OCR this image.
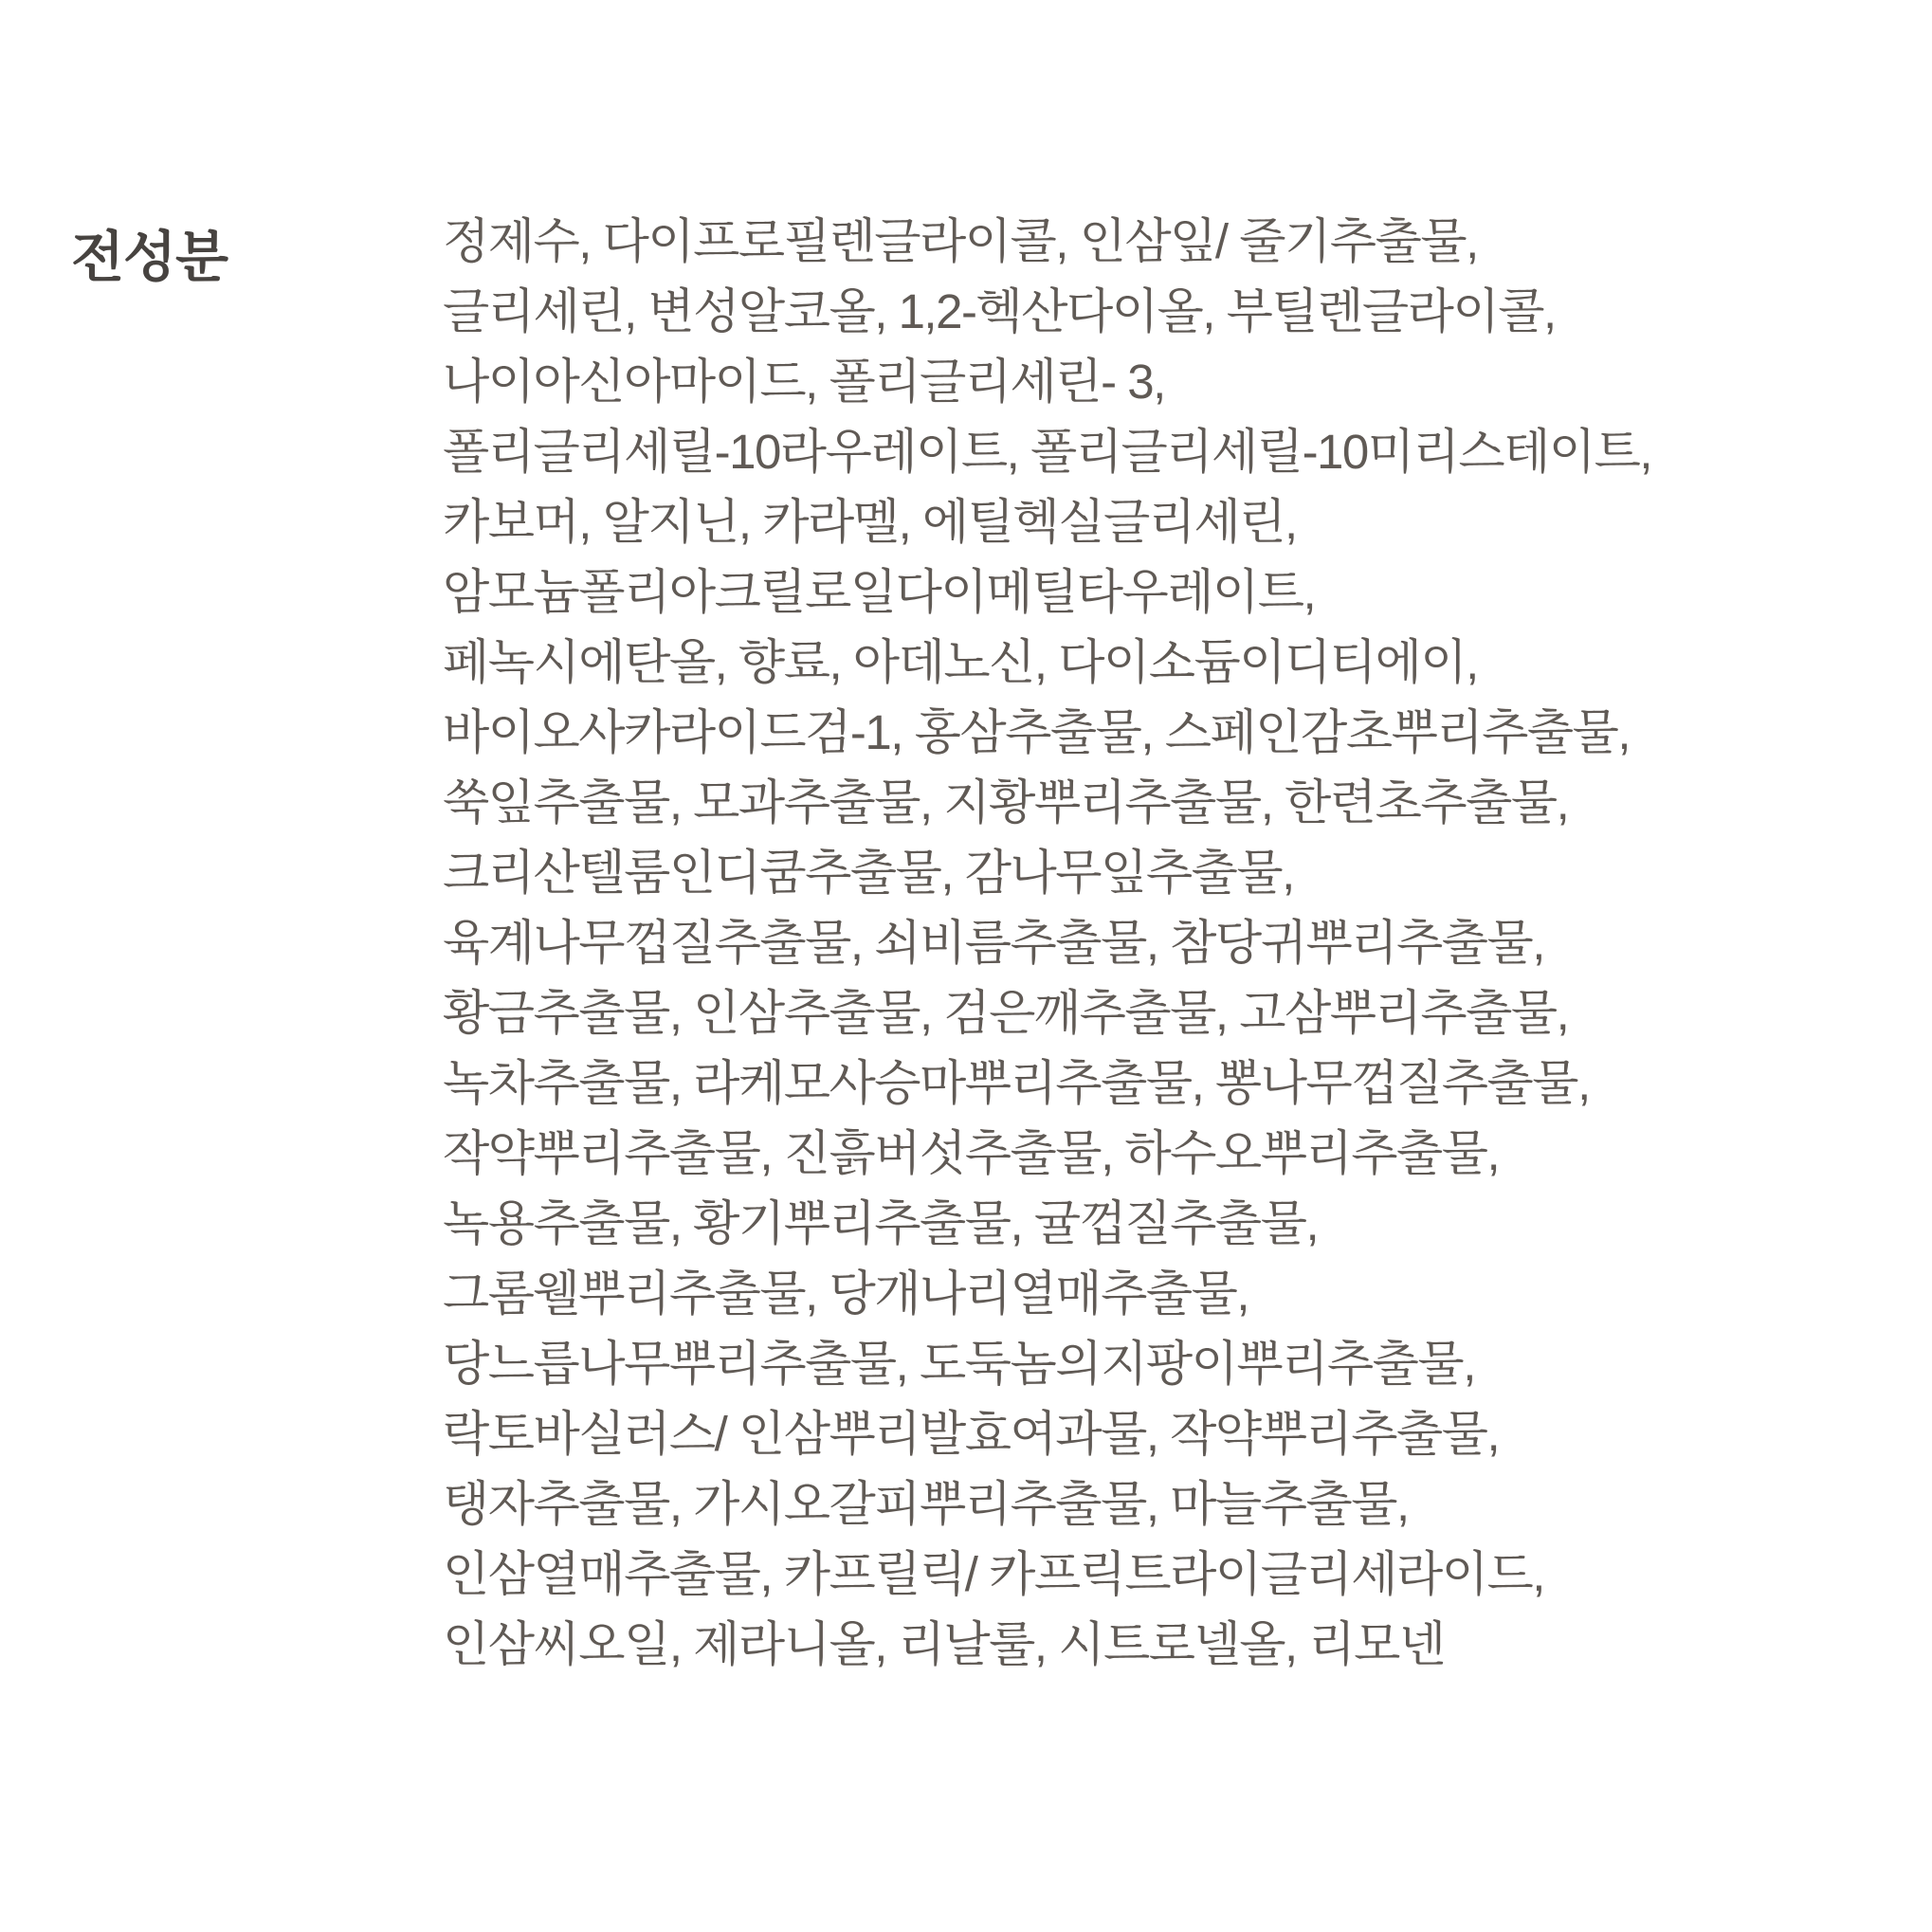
전성분	정제수, 다이프로필렌글라이콜, 인삼잎/ 줄기추출물,
글리세린, 변성알코올, 1,2-헥산다이올, 부틸렌글라이콜,
나이아신아마이드, 폴리글리세린- 3,
폴리글리세릴-10라우레이트, 폴리글리세릴-10미리스테이트,
카보머, 알지닌, 카라멜, 에틸헥실글리세린,
암모늄폴리아크릴로일다이메틸타우레이트,
페녹시에탄올, 향료, 아데노신, 다이소듐이디티에이,
바이오사카라이드검-1, 홍삼추출물, 스페인감초뿌리추출물,
쑥잎추출물, 모과추출물, 지황뿌리추출물, 한련초추출물,
크리산텔룸인디쿰추출물, 감나무잎추출물,
육계나무껍질추출물, 쇠비름추출물, 참당귀뿌리추출물,
황금추출물, 인삼추출물, 검은깨추출물, 고삼뿌리추출물,
녹차추출물, 라케모사승마뿌리추출물, 뽕나무껍질추출물,
작약뿌리추출물, 진흙버섯추출물, 하수오뿌리추출물,
녹용추출물, 황기뿌리추출물, 귤껍질추출물,
그롬웰뿌리추출물, 당개나리열매추출물,
당느릅나무뿌리추출물, 도둑놈의지팡이뿌리추출물,
락토바실러스/ 인삼뿌리발효여과물, 작약뿌리추출물,
탱자추출물, 가시오갈피뿌리추출물, 마늘추출물,
인삼열매추출물, 카프릴릭/ 카프릭트라이글리세라이드,
인삼씨오일, 제라니올, 리날룰, 시트로넬올, 리모넨
